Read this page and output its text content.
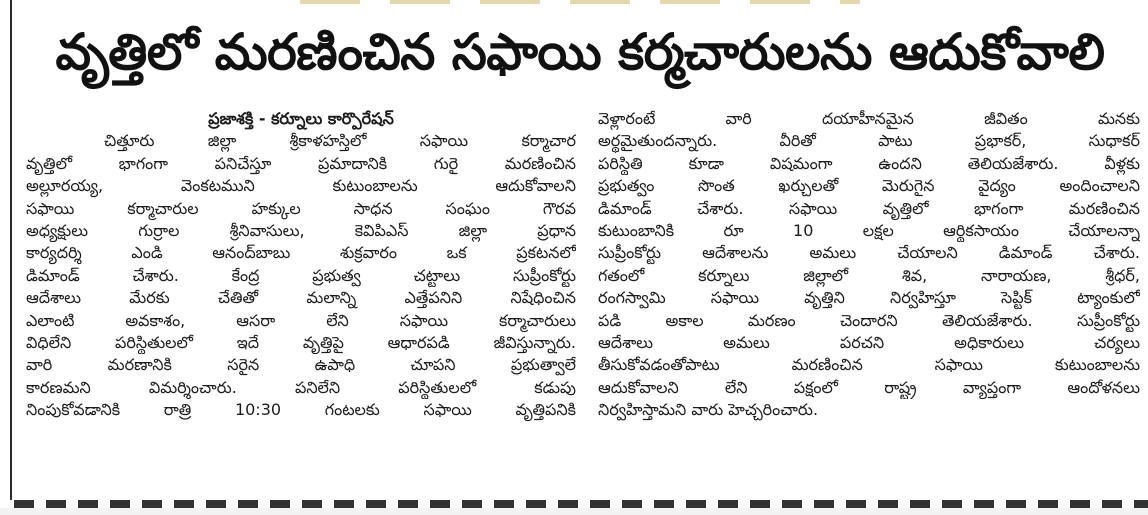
వృత్తిలో మరణించిన సఫాయి కర్మచారులను ఆదుకోవాలి

ప్రజాశక్తి - కర్నూలు కార్పొరేషన్
చిత్తూరు జిల్లా శ్రీకాళహస్తిలో సఫాయి కర్మాచార
వృత్తిలో భాగంగా పనిచేస్తూ ప్రమాదానికి గురై మరణించిన
అల్లూరయ్య, వెంకటముని కుటుంబాలను ఆదుకోవాలని
సఫాయి కర్మాచారుల హక్కుల సాధన సంఘం గౌరవ
అధ్యక్షులు గుర్రాల శ్రీనివాసులు, కెవిపిఎస్ జిల్లా ప్రధాన
కార్యదర్శి ఎండి ఆనంద్‌బాబు శుక్రవారం ఒక ప్రకటనలో
డిమాండ్ చేశారు. కేంద్ర ప్రభుత్వ చట్టాలు సుప్రీంకోర్టు
ఆదేశాలు మేరకు చేతితో మలాన్ని ఎత్తేపనిని నిషేధించిన
ఎలాంటి అవకాశం, ఆసరా లేని సఫాయి కర్మాచారులు
విధిలేని పరిస్థితులలో ఇదే వృత్తిపై ఆధారపడి జీవిస్తున్నారు.
వారి మరణానికి సరైన ఉపాధి చూపని ప్రభుత్వాలే
కారణమని విమర్శించారు. పనిలేని పరిస్థితులలో కడుపు
నింపుకోవడానికి రాత్రి 10:30 గంటలకు సఫాయి వృత్తిపనికి

వెళ్లారంటే వారి దయాహీనమైన జీవితం మనకు
అర్థమైతుందన్నారు. వీరితో పాటు ప్రభాకర్, సుధాకర్
పరిస్థితి కూడా విషమంగా ఉందని తెలియజేశారు. వీళ్లకు
ప్రభుత్వం సొంత ఖర్చులతో మెరుగైన వైద్యం అందించాలని
డిమాండ్ చేశారు. సఫాయి వృత్తిలో భాగంగా మరణించిన
కుటుంబానికి రూ 10 లక్షల ఆర్థికసాయం చేయాలన్నా
సుప్రీంకోర్టు ఆదేశాలను అమలు చేయాలని డిమాండ్ చేశారు.
గతంలో కర్నూలు జిల్లాలో శివ, నారాయణ, శ్రీధర్,
రంగస్వామి సఫాయి వృత్తిని నిర్వహిస్తూ సెప్టిక్ ట్యాంకులో
పడి అకాల మరణం చెందారని తెలియజేశారు. సుప్రీంకోర్టు
ఆదేశాలు అమలు పరచని అధికారులు చర్యలు
తీసుకోవడంతోపాటు మరణించిన సఫాయి కుటుంబాలను
ఆదుకోవాలని లేని పక్షంలో రాష్ట్ర వ్యాప్తంగా ఆందోళనలు
నిర్వహిస్తామని వారు హెచ్చరించారు.
